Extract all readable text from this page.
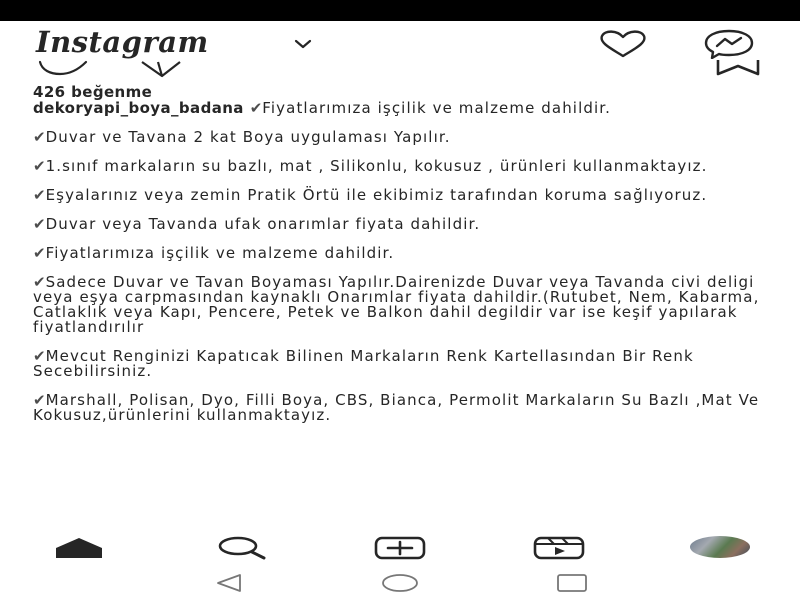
Instagram
426 beğenme

dekoryapi_boya_badana ✔Fiyatlarımıza işçilik ve malzeme dahildir.

✔Duvar ve Tavana 2 kat Boya uygulaması Yapılır.

✔1.sınıf markaların su bazlı, mat , Silikonlu, kokusuz , ürünleri kullanmaktayız.

✔Eşyalarınız veya zemin Pratik Örtü ile ekibimiz tarafından koruma sağlıyoruz.

✔Duvar veya Tavanda ufak onarımlar fiyata dahildir.

✔Fiyatlarımıza işçilik ve malzeme dahildir.

✔Sadece Duvar ve Tavan Boyaması Yapılır.Dairenizde Duvar veya Tavanda civi deligi veya eşya carpmasından kaynaklı Onarımlar fiyata dahildir.(Rutubet, Nem, Kabarma, Catlaklık veya Kapı, Pencere, Petek ve Balkon dahil degildir var ise keşif yapılarak fiyatlandırılır

✔Mevcut Renginizi Kapatıcak Bilinen Markaların Renk Kartellasından Bir Renk Secebilirsiniz.

✔Marshall, Polisan, Dyo, Filli Boya, CBS, Bianca, Permolit Markaların Su Bazlı ,Mat Ve Kokusuz,ürünlerini kullanmaktayız.
